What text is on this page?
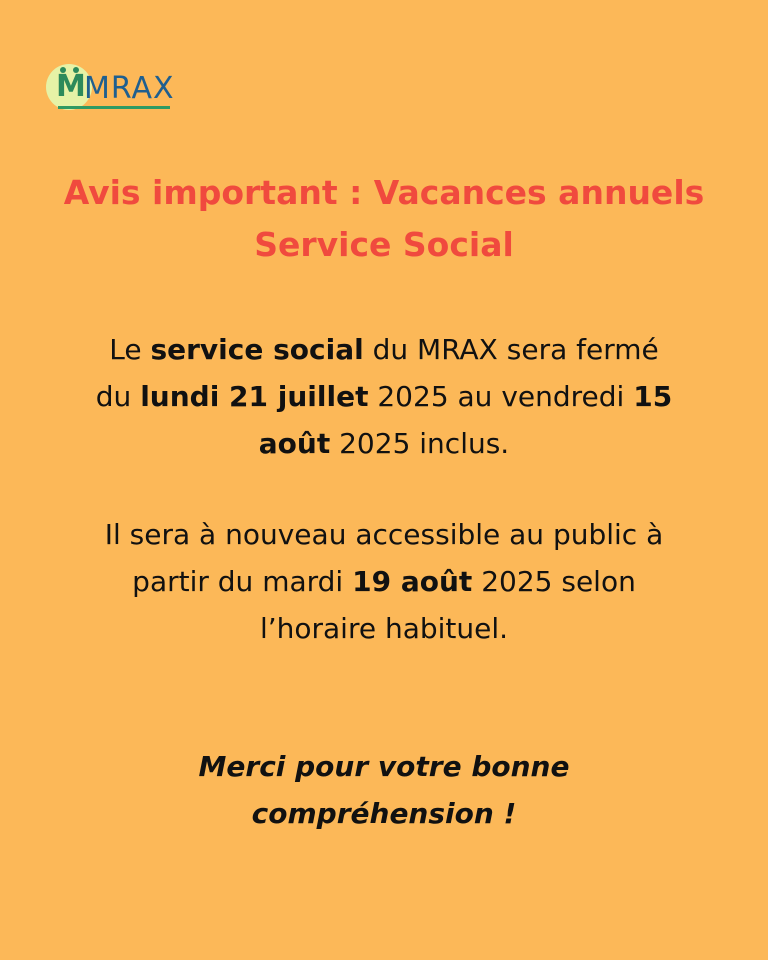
M
MRAX
Avis important : Vacances annuels
Service Social

Le service social du MRAX sera fermé
du lundi 21 juillet 2025 au vendredi 15
août 2025 inclus.

Il sera à nouveau accessible au public à
partir du mardi 19 août 2025 selon
l’horaire habituel.

Merci pour votre bonne
compréhension !
